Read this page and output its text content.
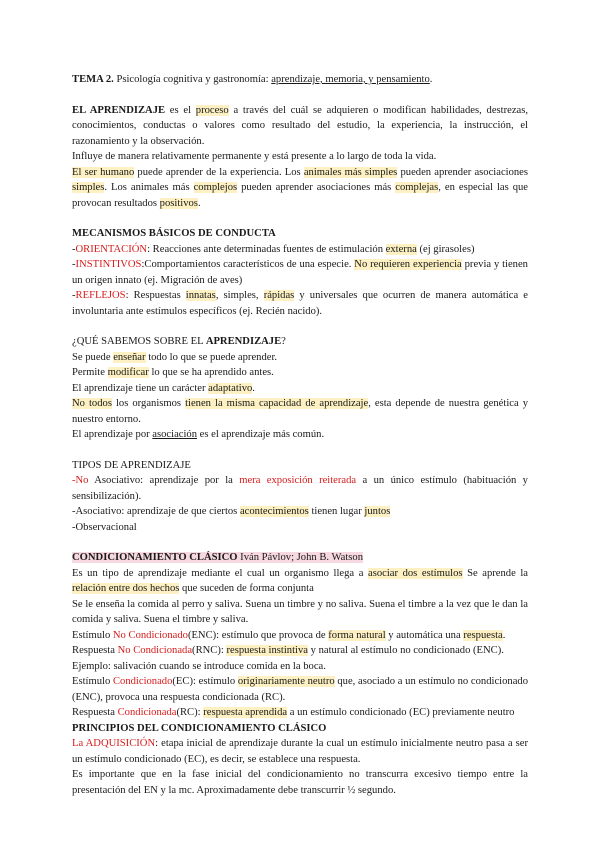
TEMA 2. Psicología cognitiva y gastronomía: aprendizaje, memoria, y pensamiento.

EL APRENDIZAJE es el proceso a través del cuál se adquieren o modifican habilidades, destrezas, conocimientos, conductas o valores como resultado del estudio, la experiencia, la instrucción, el razonamiento y la observación.

Influye de manera relativamente permanente y está presente a lo largo de toda la vida.

El ser humano puede aprender de la experiencia. Los animales más simples pueden aprender asociaciones simples. Los animales más complejos pueden aprender asociaciones más complejas, en especial las que provocan resultados positivos.

MECANISMOS BÁSICOS DE CONDUCTA

-ORIENTACIÓN: Reacciones ante determinadas fuentes de estimulación externa (ej girasoles)

-INSTINTIVOS:Comportamientos característicos de una especie. No requieren experiencia previa y tienen un origen innato (ej. Migración de aves)

-REFLEJOS: Respuestas innatas, simples, rápidas y universales que ocurren de manera automática e involuntaria ante estímulos específicos (ej. Recién nacido).

¿QUÉ SABEMOS SOBRE EL APRENDIZAJE?

Se puede enseñar todo lo que se puede aprender.

Permite modificar lo que se ha aprendido antes.

El aprendizaje tiene un carácter adaptativo.

No todos los organismos tienen la misma capacidad de aprendizaje, esta depende de nuestra genética y nuestro entorno.

El aprendizaje por asociación es el aprendizaje más común.

TIPOS DE APRENDIZAJE

-No Asociativo: aprendizaje por la mera exposición reiterada a un único estímulo (habituación y sensibilización).

-Asociativo: aprendizaje de que ciertos acontecimientos tienen lugar juntos

-Observacional

CONDICIONAMIENTO CLÁSICO Iván Pávlov; John B. Watson

Es un tipo de aprendizaje mediante el cual un organismo llega a asociar dos estímulos Se aprende la relación entre dos hechos que suceden de forma conjunta

Se le enseña la comida al perro y saliva. Suena un timbre y no saliva. Suena el timbre a la vez que le dan la comida y saliva. Suena el timbre y saliva.

Estímulo No Condicionado(ENC): estímulo que provoca de forma natural y automática una respuesta.

Respuesta No Condicionada(RNC): respuesta instintiva y natural al estímulo no condicionado (ENC).

Ejemplo: salivación cuando se introduce comida en la boca.

Estímulo Condicionado(EC): estímulo originariamente neutro que, asociado a un estímulo no condicionado (ENC), provoca una respuesta condicionada (RC).

Respuesta Condicionada(RC): respuesta aprendida a un estímulo condicionado (EC) previamente neutro

PRINCIPIOS DEL CONDICIONAMIENTO CLÁSICO

La ADQUISICIÓN: etapa inicial de aprendizaje durante la cual un estímulo inicialmente neutro pasa a ser un estímulo condicionado (EC), es decir, se establece una respuesta.

Es importante que en la fase inicial del condicionamiento no transcurra excesivo tiempo entre la presentación del EN y la mc. Aproximadamente debe transcurrir ½ segundo.
